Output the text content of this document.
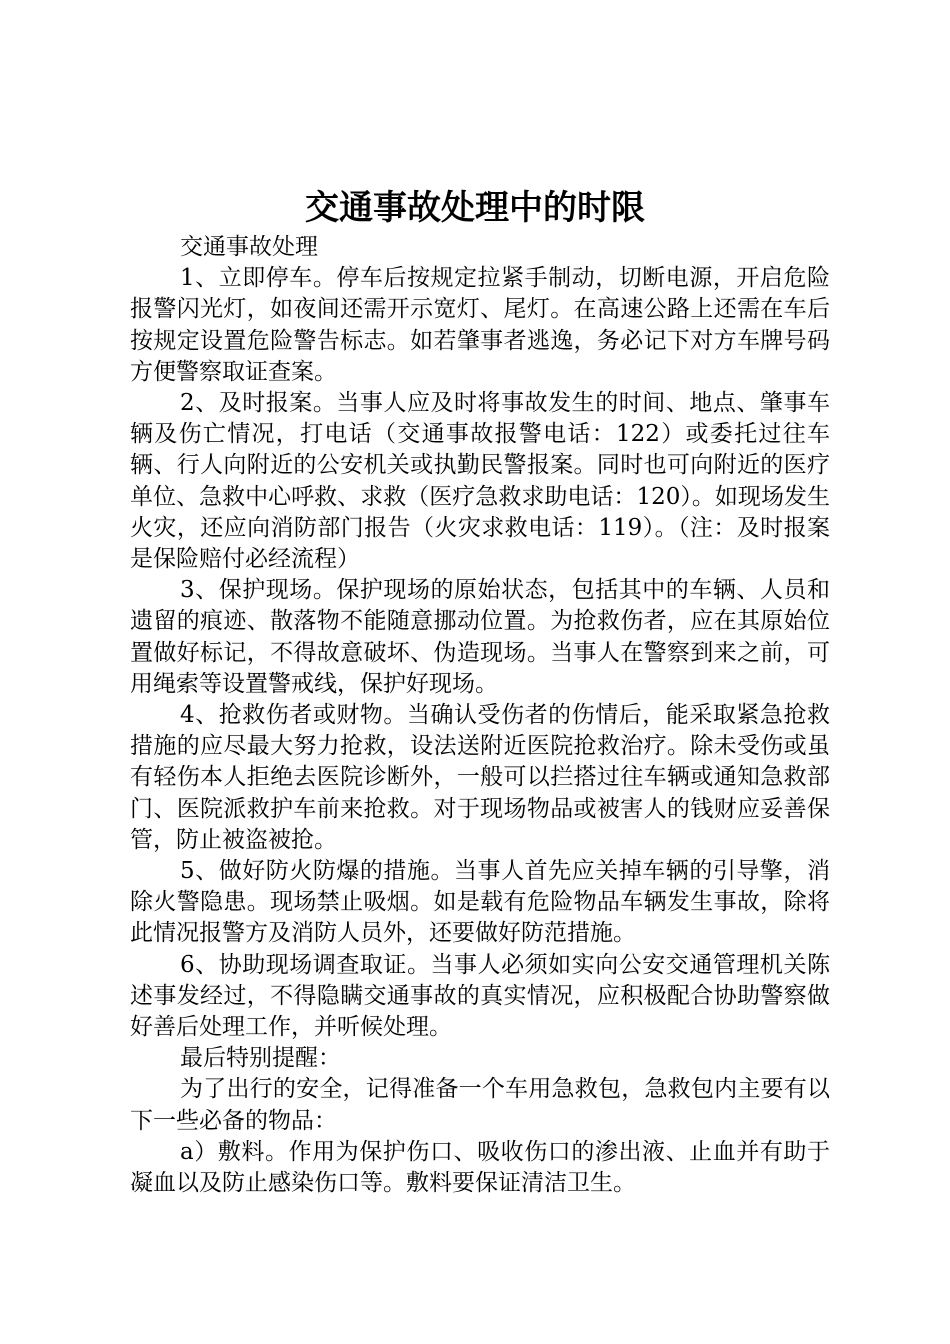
交通事故处理中的时限

交通事故处理

1、立即停车。停车后按规定拉紧手制动，切断电源，开启危险报警闪光灯，如夜间还需开示宽灯、尾灯。在高速公路上还需在车后按规定设置危险警告标志。如若肇事者逃逸，务必记下对方车牌号码方便警察取证查案。

2、及时报案。当事人应及时将事故发生的时间、地点、肇事车辆及伤亡情况，打电话（交通事故报警电话：122）或委托过往车辆、行人向附近的公安机关或执勤民警报案。同时也可向附近的医疗单位、急救中心呼救、求救（医疗急救求助电话：120）。如现场发生火灾，还应向消防部门报告（火灾求救电话：119）。（注：及时报案是保险赔付必经流程）

3、保护现场。保护现场的原始状态，包括其中的车辆、人员和遗留的痕迹、散落物不能随意挪动位置。为抢救伤者，应在其原始位置做好标记，不得故意破坏、伪造现场。当事人在警察到来之前，可用绳索等设置警戒线，保护好现场。

4、抢救伤者或财物。当确认受伤者的伤情后，能采取紧急抢救措施的应尽最大努力抢救，设法送附近医院抢救治疗。除未受伤或虽有轻伤本人拒绝去医院诊断外，一般可以拦搭过往车辆或通知急救部门、医院派救护车前来抢救。对于现场物品或被害人的钱财应妥善保管，防止被盗被抢。

5、做好防火防爆的措施。当事人首先应关掉车辆的引导擎，消除火警隐患。现场禁止吸烟。如是载有危险物品车辆发生事故，除将此情况报警方及消防人员外，还要做好防范措施。

6、协助现场调查取证。当事人必须如实向公安交通管理机关陈述事发经过，不得隐瞒交通事故的真实情况，应积极配合协助警察做好善后处理工作，并听候处理。

最后特别提醒：

为了出行的安全，记得准备一个车用急救包，急救包内主要有以下一些必备的物品：

a）敷料。作用为保护伤口、吸收伤口的渗出液、止血并有助于凝血以及防止感染伤口等。敷料要保证清洁卫生。
